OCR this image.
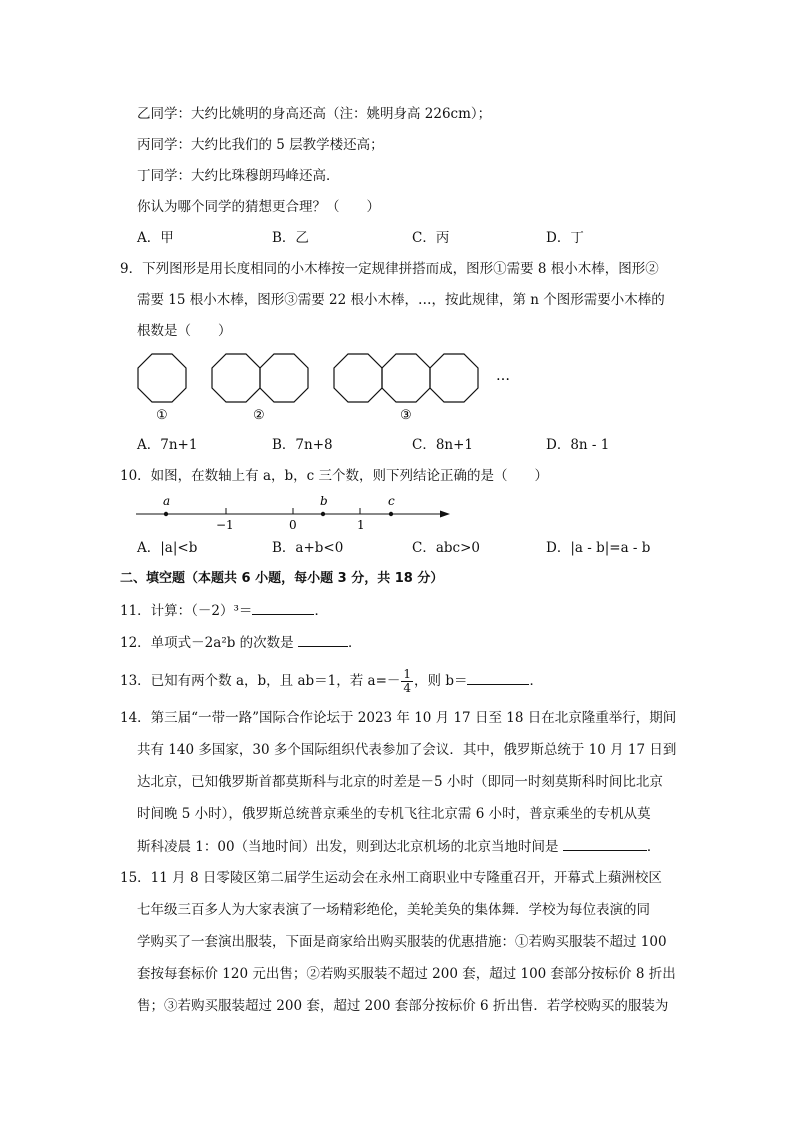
乙同学：大约比姚明的身高还高（注：姚明身高 226cm）；
丙同学：大约比我们的 5 层教学楼还高；
丁同学：大约比珠穆朗玛峰还高．
你认为哪个同学的猜想更合理？（　　）
A．甲	B．乙	C．丙	D．丁
9．下列图形是用长度相同的小木棒按一定规律拼搭而成，图形①需要 8 根小木棒，图形②
需要 15 根小木棒，图形③需要 22 根小木棒，…，按此规律，第 n 个图形需要小木棒的
根数是（　　）
①	②	③
…
A．7n+1	B．7n+8	C．8n+1	D．8n - 1
10．如图，在数轴上有 a，b，c 三个数，则下列结论正确的是（　　）
a	b	c
−1	0	1
A．|a|<b	B．a+b<0	C．abc>0	D．|a - b|=a - b
二、填空题（本题共 6 小题，每小题 3 分，共 18 分）
11．计算：（－2）³＝	．
12．单项式－2a²b 的次数是	．
13．已知有两个数 a，b，且 ab＝1，若 $a=- \frac{1}{4}$ ，则 b＝	．
14．第三届“一带一路”国际合作论坛于 2023 年 10 月 17 日至 18 日在北京隆重举行，期间
共有 140 多国家，30 多个国际组织代表参加了会议．其中，俄罗斯总统于 10 月 17 日到
达北京，已知俄罗斯首都莫斯科与北京的时差是－5 小时（即同一时刻莫斯科时间比北京
时间晚 5 小时），俄罗斯总统普京乘坐的专机飞往北京需 6 小时，普京乘坐的专机从莫
斯科凌晨 1：00（当地时间）出发，则到达北京机场的北京当地时间是	．
15．11 月 8 日零陵区第二届学生运动会在永州工商职业中专隆重召开，开幕式上蘋洲校区
七年级三百多人为大家表演了一场精彩绝伦，美轮美奂的集体舞．学校为每位表演的同
学购买了一套演出服装，下面是商家给出购买服装的优惠措施：①若购买服装不超过 100
套按每套标价 120 元出售；②若购买服装不超过 200 套，超过 100 套部分按标价 8 折出
售；③若购买服装超过 200 套，超过 200 套部分按标价 6 折出售．若学校购买的服装为
